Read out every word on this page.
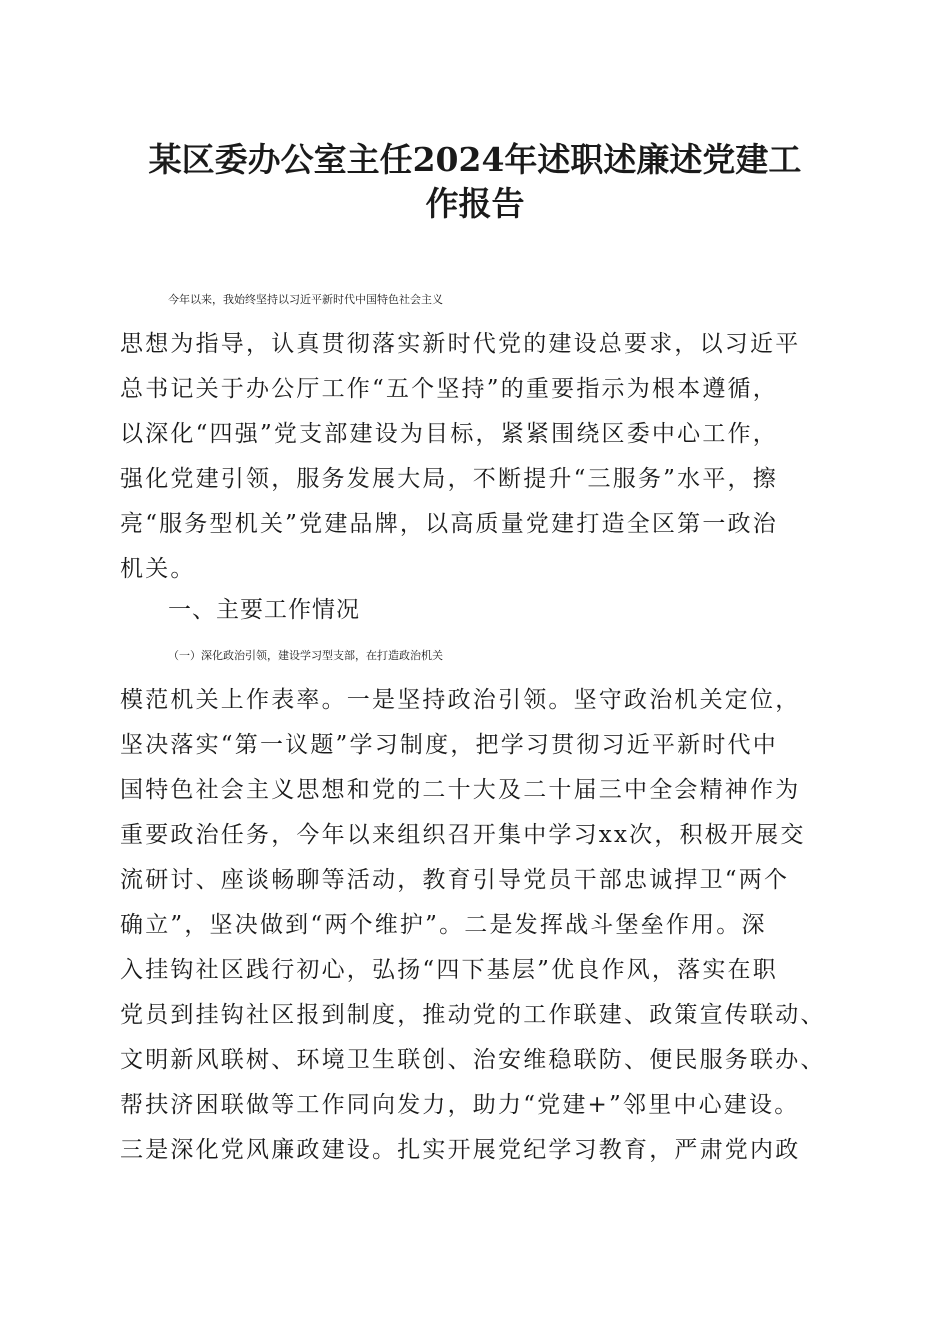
某区委办公室主任2024年述职述廉述党建工
作报告
今年以来，我始终坚持以习近平新时代中国特色社会主义
思想为指导，认真贯彻落实新时代党的建设总要求，以习近平
总书记关于办公厅工作“五个坚持”的重要指示为根本遵循，
以深化“四强”党支部建设为目标，紧紧围绕区委中心工作，
强化党建引领，服务发展大局，不断提升“三服务”水平，擦
亮“服务型机关”党建品牌，以高质量党建打造全区第一政治
机关。
一、主要工作情况
（一）深化政治引领，建设学习型支部，在打造政治机关
模范机关上作表率。一是坚持政治引领。坚守政治机关定位，
坚决落实“第一议题”学习制度，把学习贯彻习近平新时代中
国特色社会主义思想和党的二十大及二十届三中全会精神作为
重要政治任务，今年以来组织召开集中学习xx次，积极开展交
流研讨、座谈畅聊等活动，教育引导党员干部忠诚捍卫“两个
确立”，坚决做到“两个维护”。二是发挥战斗堡垒作用。深
入挂钩社区践行初心，弘扬“四下基层”优良作风，落实在职
党员到挂钩社区报到制度，推动党的工作联建、政策宣传联动、
文明新风联树、环境卫生联创、治安维稳联防、便民服务联办、
帮扶济困联做等工作同向发力，助力“党建+”邻里中心建设。
三是深化党风廉政建设。扎实开展党纪学习教育，严肃党内政
